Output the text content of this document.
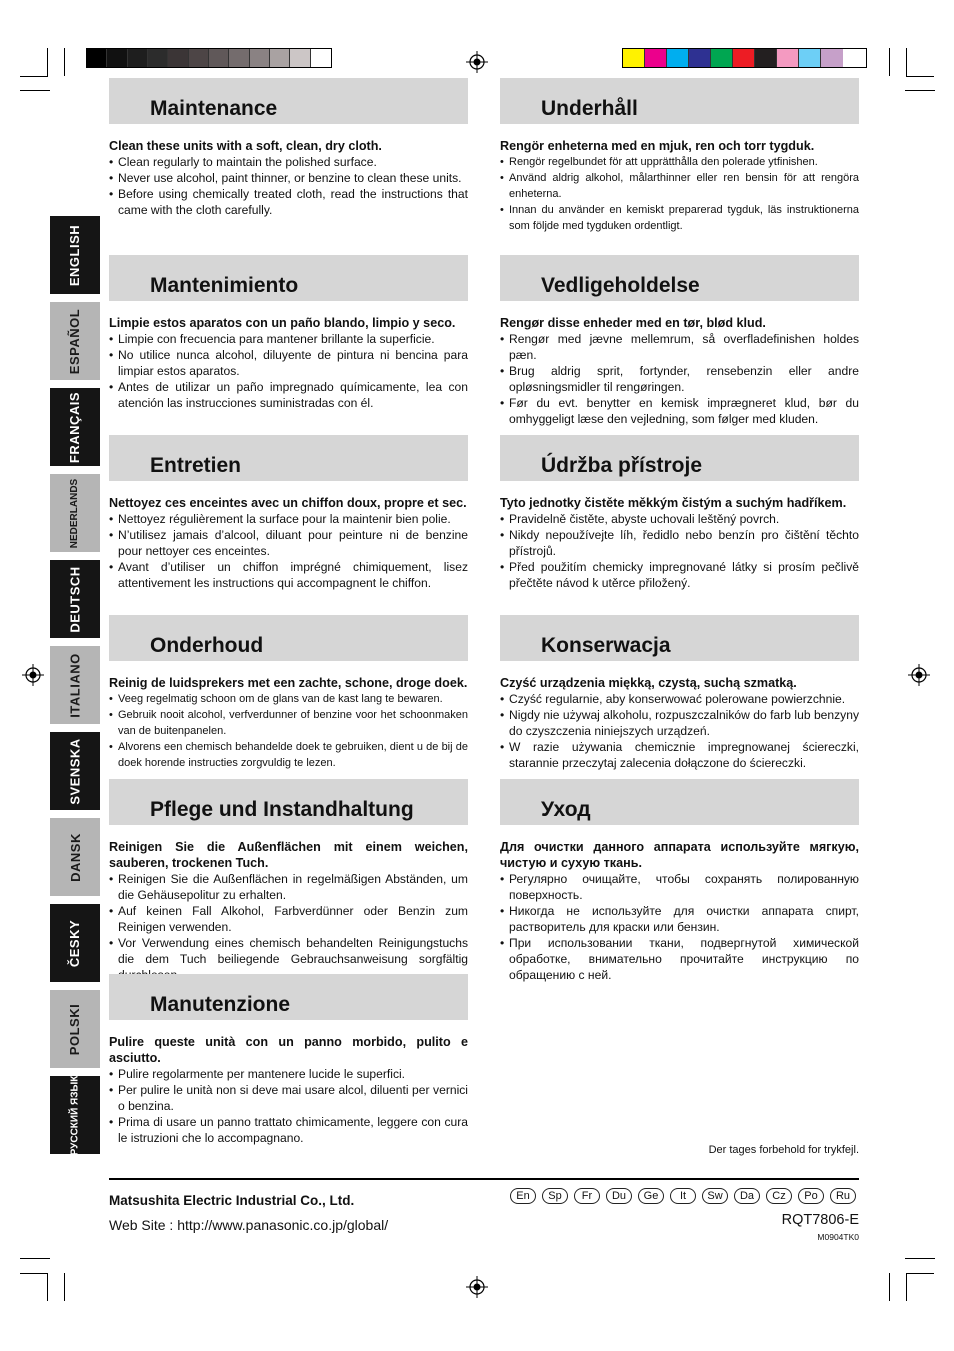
ENGLISH
ESPAÑOL
FRANÇAIS
NEDERLANDS
DEUTSCH
ITALIANO
SVENSKA
DANSK
ČESKY
POLSKI
РУССКИЙ ЯЗЫК
Maintenance

Clean these units with a soft, clean, dry cloth.

• Clean regularly to maintain the polished surface.
• Never use alcohol, paint thinner, or benzine to clean these units.
• Before using chemically treated cloth, read the instructions that came with the cloth carefully.
Mantenimiento

Limpie estos aparatos con un paño blando, limpio y seco.

• Limpie con frecuencia para mantener brillante la superficie.
• No utilice nunca alcohol, diluyente de pintura ni bencina para limpiar estos aparatos.
• Antes de utilizar un paño impregnado químicamente, lea con atención las instrucciones suministradas con él.
Entretien

Nettoyez ces enceintes avec un chiffon doux, propre et sec.

• Nettoyez régulièrement la surface pour la maintenir bien polie.
• N’utilisez jamais d’alcool, diluant pour peinture ni de benzine pour nettoyer ces enceintes.
• Avant d’utiliser un chiffon imprégné chimiquement, lisez attentivement les instructions qui accompagnent le chiffon.
Onderhoud

Reinig de luidsprekers met een zachte, schone, droge doek.

• Veeg regelmatig schoon om de glans van de kast lang te bewaren.
• Gebruik nooit alcohol, verfverdunner of benzine voor het schoonmaken van de buitenpanelen.
• Alvorens een chemisch behandelde doek te gebruiken, dient u de bij de doek horende instructies zorgvuldig te lezen.
Pflege und Instandhaltung

Reinigen Sie die Außenflächen mit einem weichen, sauberen, trockenen Tuch.

• Reinigen Sie die Außenflächen in regelmäßigen Abständen, um die Gehäusepolitur zu erhalten.
• Auf keinen Fall Alkohol, Farbverdünner oder Benzin zum Reinigen verwenden.
• Vor Verwendung eines chemisch behandelten Reinigungstuchs die dem Tuch beiliegende Gebrauchsanweisung sorgfältig
Manutenzione

Pulire queste unità con un panno morbido, pulito e asciutto.

• Pulire regolarmente per mantenere lucide le superfici.
• Per pulire le unità non si deve mai usare alcol, diluenti per vernici o benzina.
• Prima di usare un panno trattato chimicamente, leggere con cura le istruzioni che lo accompagnano.
Underhåll

Rengör enheterna med en mjuk, ren och torr tygduk.

• Rengör regelbundet för att upprätthålla den polerade ytfinishen.
• Använd aldrig alkohol, målarthinner eller ren bensin för att rengöra enheterna.
• Innan du använder en kemiskt preparerad tygduk, läs instruktionerna som följde med tygduken ordentligt.
Vedligeholdelse

Rengør disse enheder med en tør, blød klud.

• Rengør med jævne mellemrum, så overfladefinishen holdes pæn.
• Brug aldrig sprit, fortynder, rensebenzin eller andre opløsningsmidler til rengøringen.
• Før du evt. benytter en kemisk imprægneret klud, bør du omhyggeligt læse den vejledning, som følger med kluden.
Údržba přístroje

Tyto jednotky čistěte měkkým čistým a suchým hadříkem.

• Pravidelně čistěte, abyste uchovali leštěný povrch.
• Nikdy nepoužívejte líh, ředidlo nebo benzín pro čištění těchto přístrojů.
• Před použitím chemicky impregnované látky si prosím pečlivě přečtěte návod k utěrce přiložený.
Konserwacja

Czyść urządzenia miękką, czystą, suchą szmatką.

• Czyść regularnie, aby konserwować polerowane powierzchnie.
• Nigdy nie używaj alkoholu, rozpuszczalników do farb lub benzyny do czyszczenia niniejszych urządzeń.
• W razie używania chemicznie impregnowanej ściereczki, starannie przeczytaj zalecenia dołączone do ściereczki.
Уход

Для очистки данного аппарата используйте мягкую, чистую и сухую ткань.

• Регулярно очищайте, чтобы сохранять полированную поверхность.
• Никогда не используйте для очистки аппарата спирт, растворитель для краски или бензин.
• При использовании ткани, подвергнутой химической обработке, внимательно прочитайте инструкцию по обращению с ней.
Der tages forbehold for trykfejl.
Matsushita Electric Industrial Co., Ltd.
Web Site : http://www.panasonic.co.jp/global/
En	Sp	Fr	Du	Ge	It	Sw	Da	Cz	Po	Ru
RQT7806-E
M0904TK0
